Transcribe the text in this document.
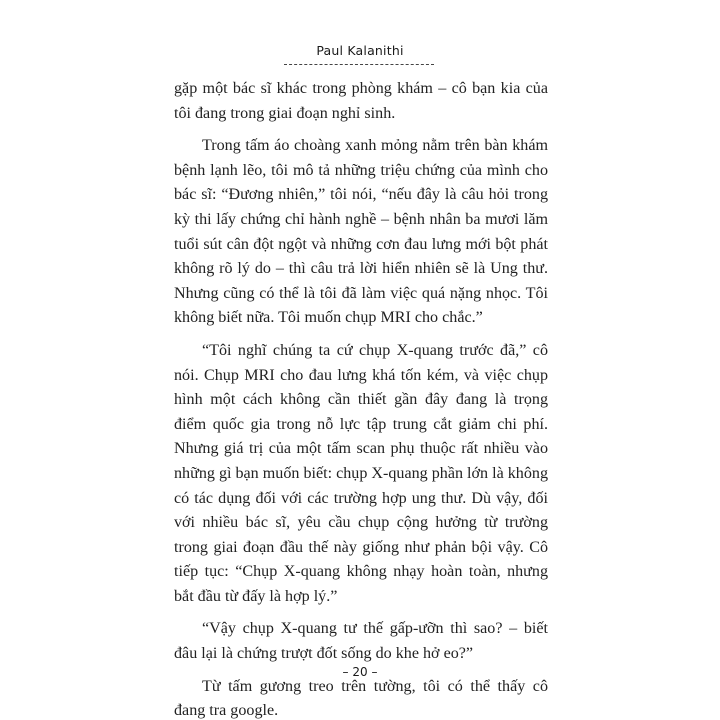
Paul Kalanithi

gặp một bác sĩ khác trong phòng khám – cô bạn kia của tôi đang trong giai đoạn nghỉ sinh.

Trong tấm áo choàng xanh mỏng nằm trên bàn khám bệnh lạnh lẽo, tôi mô tả những triệu chứng của mình cho bác sĩ: “Đương nhiên,” tôi nói, “nếu đây là câu hỏi trong kỳ thi lấy chứng chỉ hành nghề – bệnh nhân ba mươi lăm tuổi sút cân đột ngột và những cơn đau lưng mới bột phát không rõ lý do – thì câu trả lời hiển nhiên sẽ là Ung thư. Nhưng cũng có thể là tôi đã làm việc quá nặng nhọc. Tôi không biết nữa. Tôi muốn chụp MRI cho chắc.”

“Tôi nghĩ chúng ta cứ chụp X-quang trước đã,” cô nói. Chụp MRI cho đau lưng khá tốn kém, và việc chụp hình một cách không cần thiết gần đây đang là trọng điểm quốc gia trong nỗ lực tập trung cắt giảm chi phí. Nhưng giá trị của một tấm scan phụ thuộc rất nhiều vào những gì bạn muốn biết: chụp X-quang phần lớn là không có tác dụng đối với các trường hợp ung thư. Dù vậy, đối với nhiều bác sĩ, yêu cầu chụp cộng hưởng từ trường trong giai đoạn đầu thế này giống như phản bội vậy. Cô tiếp tục: “Chụp X-quang không nhạy hoàn toàn, nhưng bắt đầu từ đấy là hợp lý.”

“Vậy chụp X-quang tư thế gấp-ưỡn thì sao? – biết đâu lại là chứng trượt đốt sống do khe hở eo?”

Từ tấm gương treo trên tường, tôi có thể thấy cô đang tra google.

– 20 –
